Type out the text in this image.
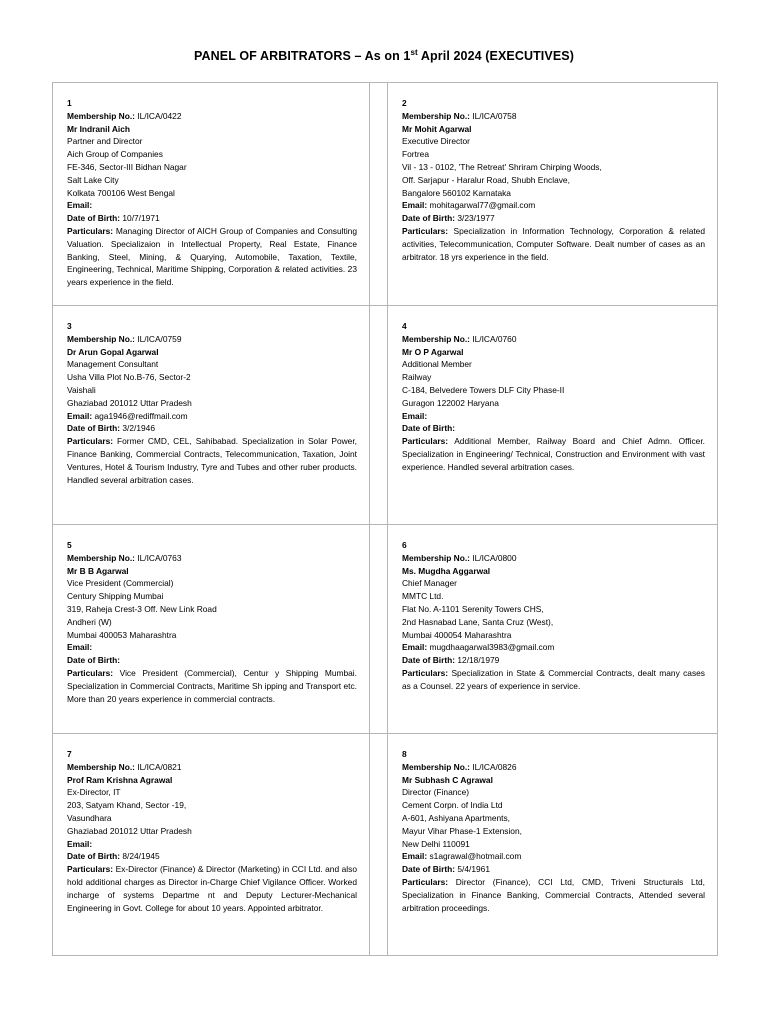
PANEL OF ARBITRATORS – As on 1st April 2024 (EXECUTIVES)
1
Membership No.: IL/ICA/0422
Mr Indranil Aich
Partner and Director
Aich Group of Companies
FE-346, Sector-III Bidhan Nagar
Salt Lake City
Kolkata 700106 West Bengal
Email:
Date of Birth: 10/7/1971
Particulars: Managing Director of AICH Group of Companies and Consulting Valuation. Specializaion in Intellectual Property, Real Estate, Finance Banking, Steel, Mining, & Quarying, Automobile, Taxation, Textile, Engineering, Technical, Maritime Shipping, Corporation & related activities. 23 years experience in the field.
2
Membership No.: IL/ICA/0758
Mr Mohit Agarwal
Executive Director
Fortrea
Vil - 13 - 0102, 'The Retreat' Shriram Chirping Woods,
Off. Sarjapur - Haralur Road, Shubh Enclave,
Bangalore 560102 Karnataka
Email: mohitagarwal77@gmail.com
Date of Birth: 3/23/1977
Particulars: Specialization in Information Technology, Corporation & related activities, Telecommunication, Computer Software. Dealt number of cases as an arbitrator. 18 yrs experience in the field.
3
Membership No.: IL/ICA/0759
Dr Arun Gopal Agarwal
Management Consultant
Usha Villa Plot No.B-76, Sector-2
Vaishali
Ghaziabad 201012 Uttar Pradesh
Email: aga1946@rediffmail.com
Date of Birth: 3/2/1946
Particulars: Former CMD, CEL, Sahibabad. Specialization in Solar Power, Finance Banking, Commercial Contracts, Telecommunication, Taxation, Joint Ventures, Hotel & Tourism Industry, Tyre and Tubes and other ruber products. Handled several arbitration cases.
4
Membership No.: IL/ICA/0760
Mr O P Agarwal
Additional Member
Railway
C-184, Belvedere Towers DLF City Phase-II
Guragon 122002 Haryana
Email:
Date of Birth:
Particulars: Additional Member, Railway Board and Chief Admn. Officer. Specialization in Engineering/ Technical, Construction and Environment with vast experience. Handled several arbitration cases.
5
Membership No.: IL/ICA/0763
Mr B B Agarwal
Vice President (Commercial)
Century Shipping Mumbai
319, Raheja Crest-3 Off. New Link Road
Andheri (W)
Mumbai 400053 Maharashtra
Email:
Date of Birth:
Particulars: Vice President (Commercial), Centur y Shipping Mumbai. Specialization in Commercial Contracts, Maritime Sh ipping and Transport etc. More than 20 years experience in commercial contracts.
6
Membership No.: IL/ICA/0800
Ms. Mugdha Aggarwal
Chief Manager
MMTC Ltd.
Flat No. A-1101 Serenity Towers CHS,
2nd Hasnabad Lane, Santa Cruz (West),
Mumbai 400054 Maharashtra
Email: mugdhaagarwal3983@gmail.com
Date of Birth: 12/18/1979
Particulars: Specialization in State & Commercial Contracts, dealt many cases as a Counsel. 22 years of experience in service.
7
Membership No.: IL/ICA/0821
Prof Ram Krishna Agrawal
Ex-Director, IT
203, Satyam Khand, Sector -19,
Vasundhara
Ghaziabad 201012 Uttar Pradesh
Email:
Date of Birth: 8/24/1945
Particulars: Ex-Director (Finance) & Director (Marketing) in CCI Ltd. and also hold additional charges as Director in-Charge Chief Vigilance Officer. Worked incharge of systems Departme nt and Deputy Lecturer-Mechanical Engineering in Govt. College for about 10 years. Appointed arbitrator.
8
Membership No.: IL/ICA/0826
Mr Subhash C Agrawal
Director (Finance)
Cement Corpn. of India Ltd
A-601, Ashiyana Apartments,
Mayur Vihar Phase-1 Extension,
New Delhi 110091
Email: s1agrawal@hotmail.com
Date of Birth: 5/4/1961
Particulars: Director (Finance), CCI Ltd, CMD, Triveni Structurals Ltd, Specialization in Finance Banking, Commercial Contracts, Attended several arbitration proceedings.
